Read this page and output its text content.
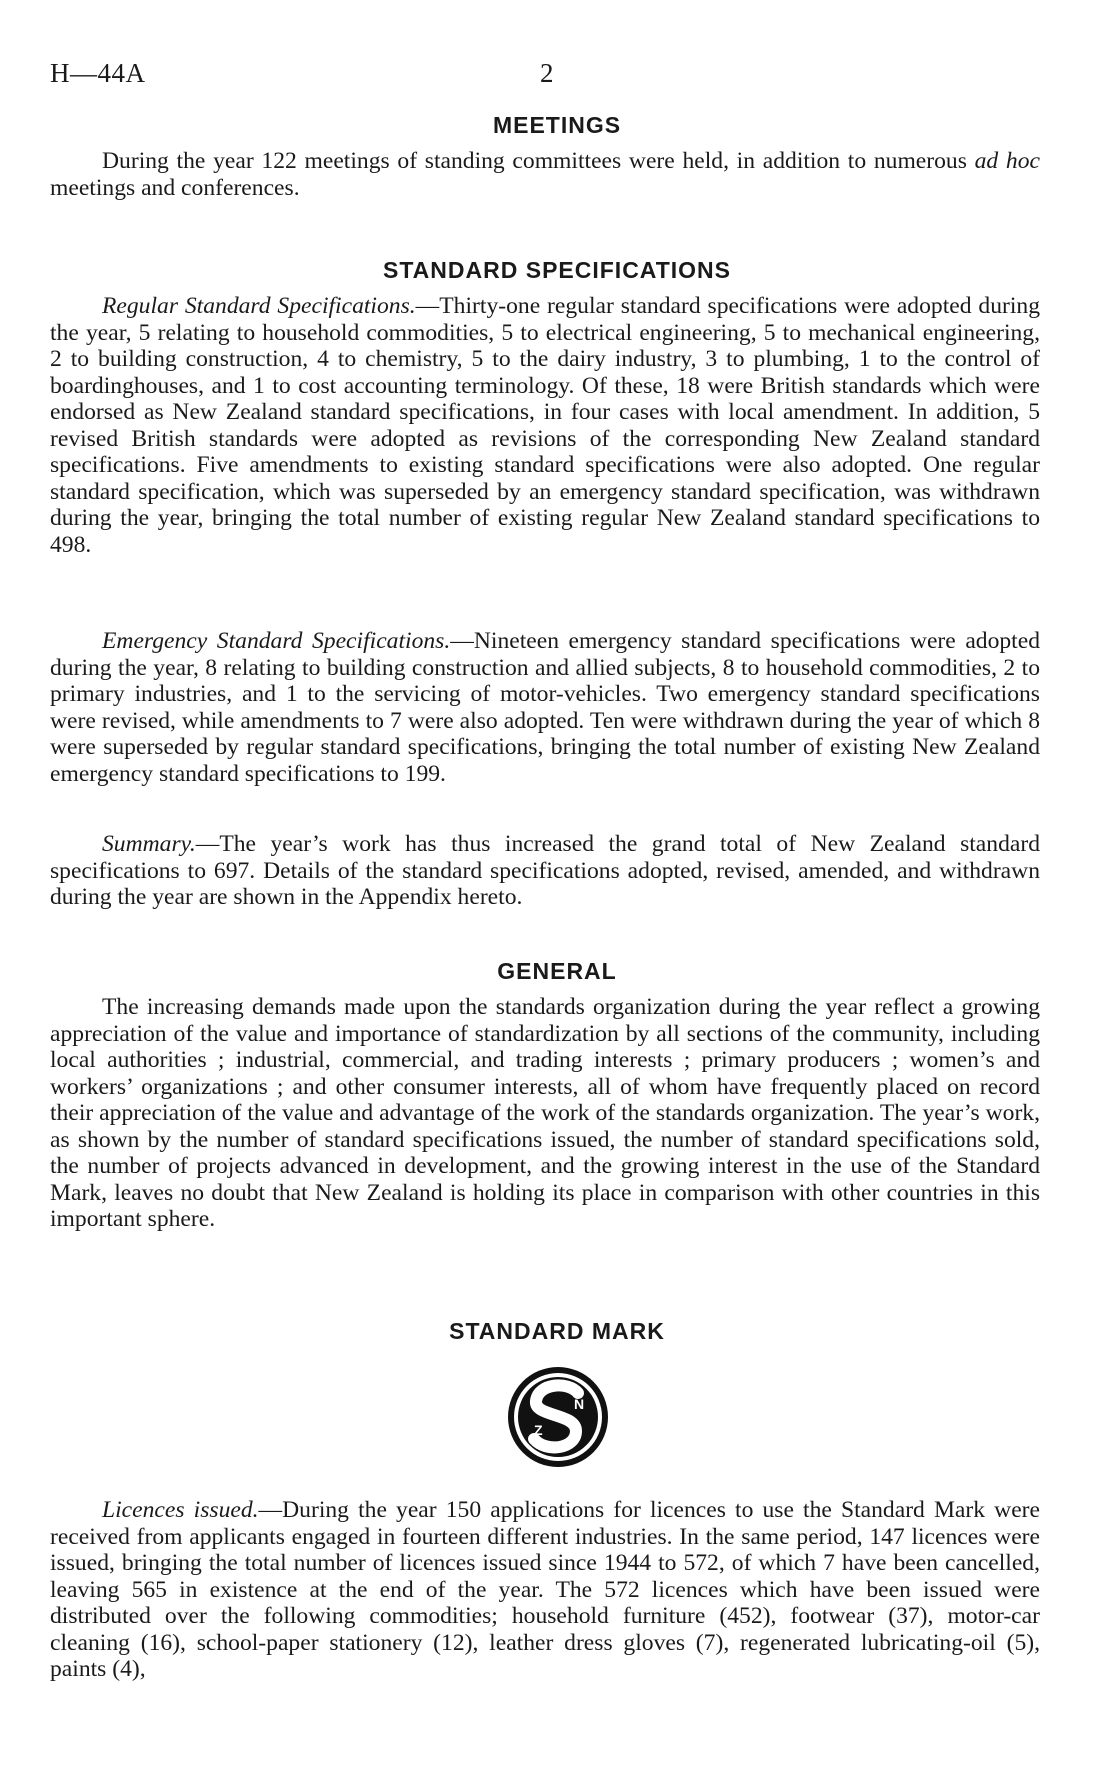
H—44A	2
MEETINGS

During the year 122 meetings of standing committees were held, in addition to numerous ad hoc meetings and conferences.

STANDARD SPECIFICATIONS

Regular Standard Specifications.—Thirty-one regular standard specifications were adopted during the year, 5 relating to household commodities, 5 to electrical engineering, 5 to mechanical engineering, 2 to building construction, 4 to chemistry, 5 to the dairy industry, 3 to plumbing, 1 to the control of boardinghouses, and 1 to cost accounting terminology. Of these, 18 were British standards which were endorsed as New Zealand standard specifications, in four cases with local amendment. In addition, 5 revised British standards were adopted as revisions of the corresponding New Zealand standard specifications. Five amendments to existing standard specifications were also adopted. One regular standard specification, which was superseded by an emergency standard specification, was withdrawn during the year, bringing the total number of existing regular New Zealand standard specifications to 498.

Emergency Standard Specifications.—Nineteen emergency standard specifications were adopted during the year, 8 relating to building construction and allied subjects, 8 to household commodities, 2 to primary industries, and 1 to the servicing of motor-vehicles. Two emergency standard specifications were revised, while amendments to 7 were also adopted. Ten were withdrawn during the year of which 8 were superseded by regular standard specifications, bringing the total number of existing New Zealand emergency standard specifications to 199.

Summary.—The year’s work has thus increased the grand total of New Zealand standard specifications to 697. Details of the standard specifications adopted, revised, amended, and withdrawn during the year are shown in the Appendix hereto.

GENERAL

The increasing demands made upon the standards organization during the year reflect a growing appreciation of the value and importance of standardization by all sections of the community, including local authorities ; industrial, commercial, and trading interests ; primary producers ; women’s and workers’ organizations ; and other consumer interests, all of whom have frequently placed on record their appreciation of the value and advantage of the work of the standards organization. The year’s work, as shown by the number of standard specifications issued, the number of standard specifications sold, the number of projects advanced in development, and the growing interest in the use of the Standard Mark, leaves no doubt that New Zealand is holding its place in comparison with other countries in this important sphere.

STANDARD MARK
N
Z

Licences issued.—During the year 150 applications for licences to use the Standard Mark were received from applicants engaged in fourteen different industries. In the same period, 147 licences were issued, bringing the total number of licences issued since 1944 to 572, of which 7 have been cancelled, leaving 565 in existence at the end of the year. The 572 licences which have been issued were distributed over the following commodities; household furniture (452), footwear (37), motor-car cleaning (16), school-paper stationery (12), leather dress gloves (7), regenerated lubricating-oil (5), paints (4),
